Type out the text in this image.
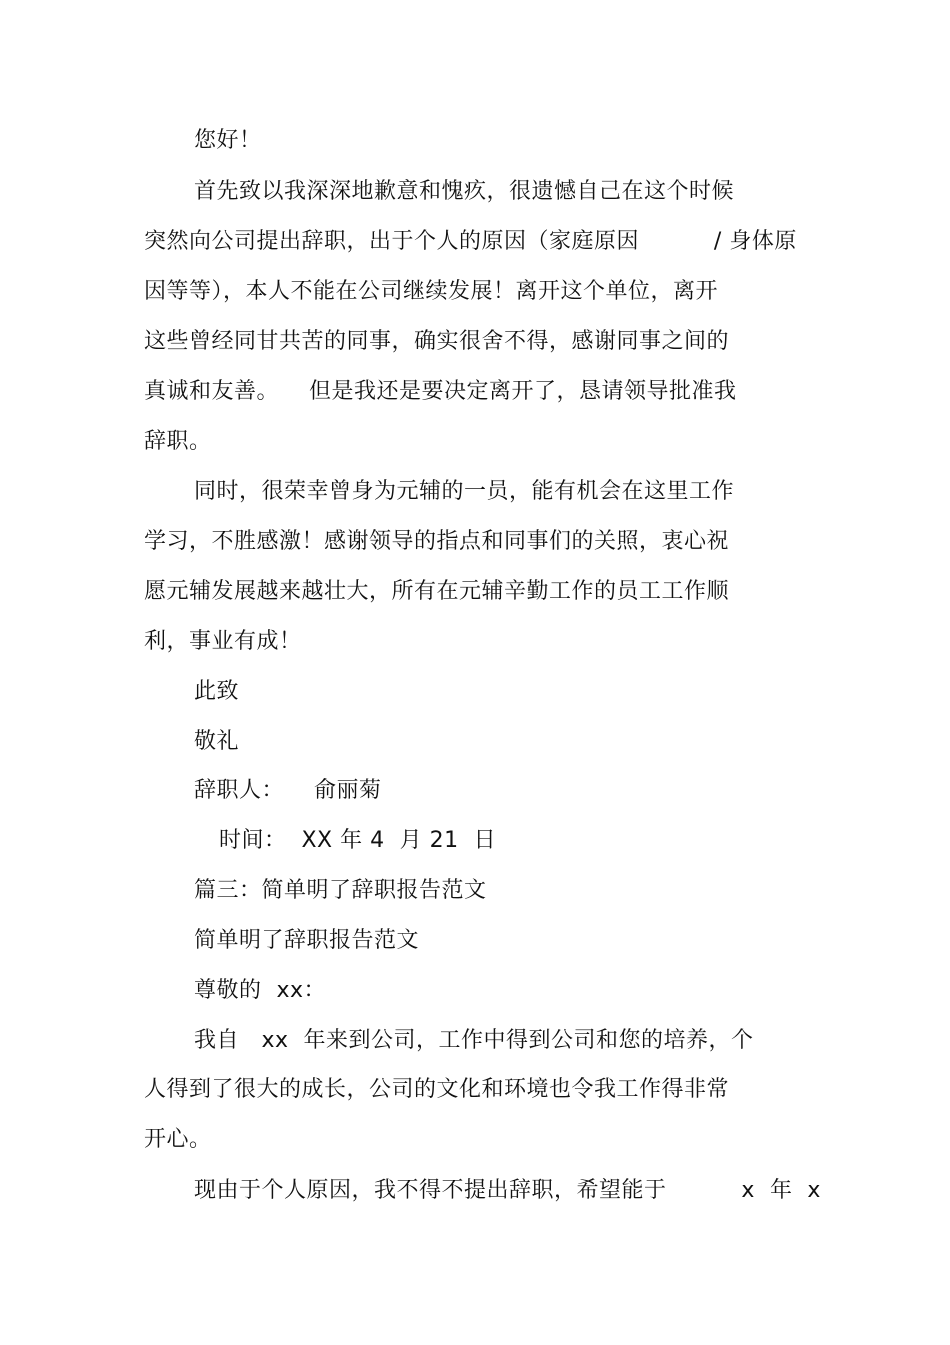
您好！
首先致以我深深地歉意和愧疚，很遗憾自己在这个时候
突然向公司提出辞职，出于个人的原因（家庭原因          / 身体原
因等等），本人不能在公司继续发展！离开这个单位，离开
这些曾经同甘共苦的同事，确实很舍不得，感谢同事之间的
真诚和友善。    但是我还是要决定离开了，恳请领导批准我
辞职。
同时，很荣幸曾身为元辅的一员，能有机会在这里工作
学习，不胜感激！感谢领导的指点和同事们的关照，衷心祝
愿元辅发展越来越壮大，所有在元辅辛勤工作的员工工作顺
利，事业有成！
此致
敬礼
辞职人：    俞丽菊
时间：  XX 年 4  月 21  日
篇三：简单明了辞职报告范文
简单明了辞职报告范文
尊敬的  xx：
我自   xx  年来到公司，工作中得到公司和您的培养，个
人得到了很大的成长，公司的文化和环境也令我工作得非常
开心。
现由于个人原因，我不得不提出辞职，希望能于          x  年  x
